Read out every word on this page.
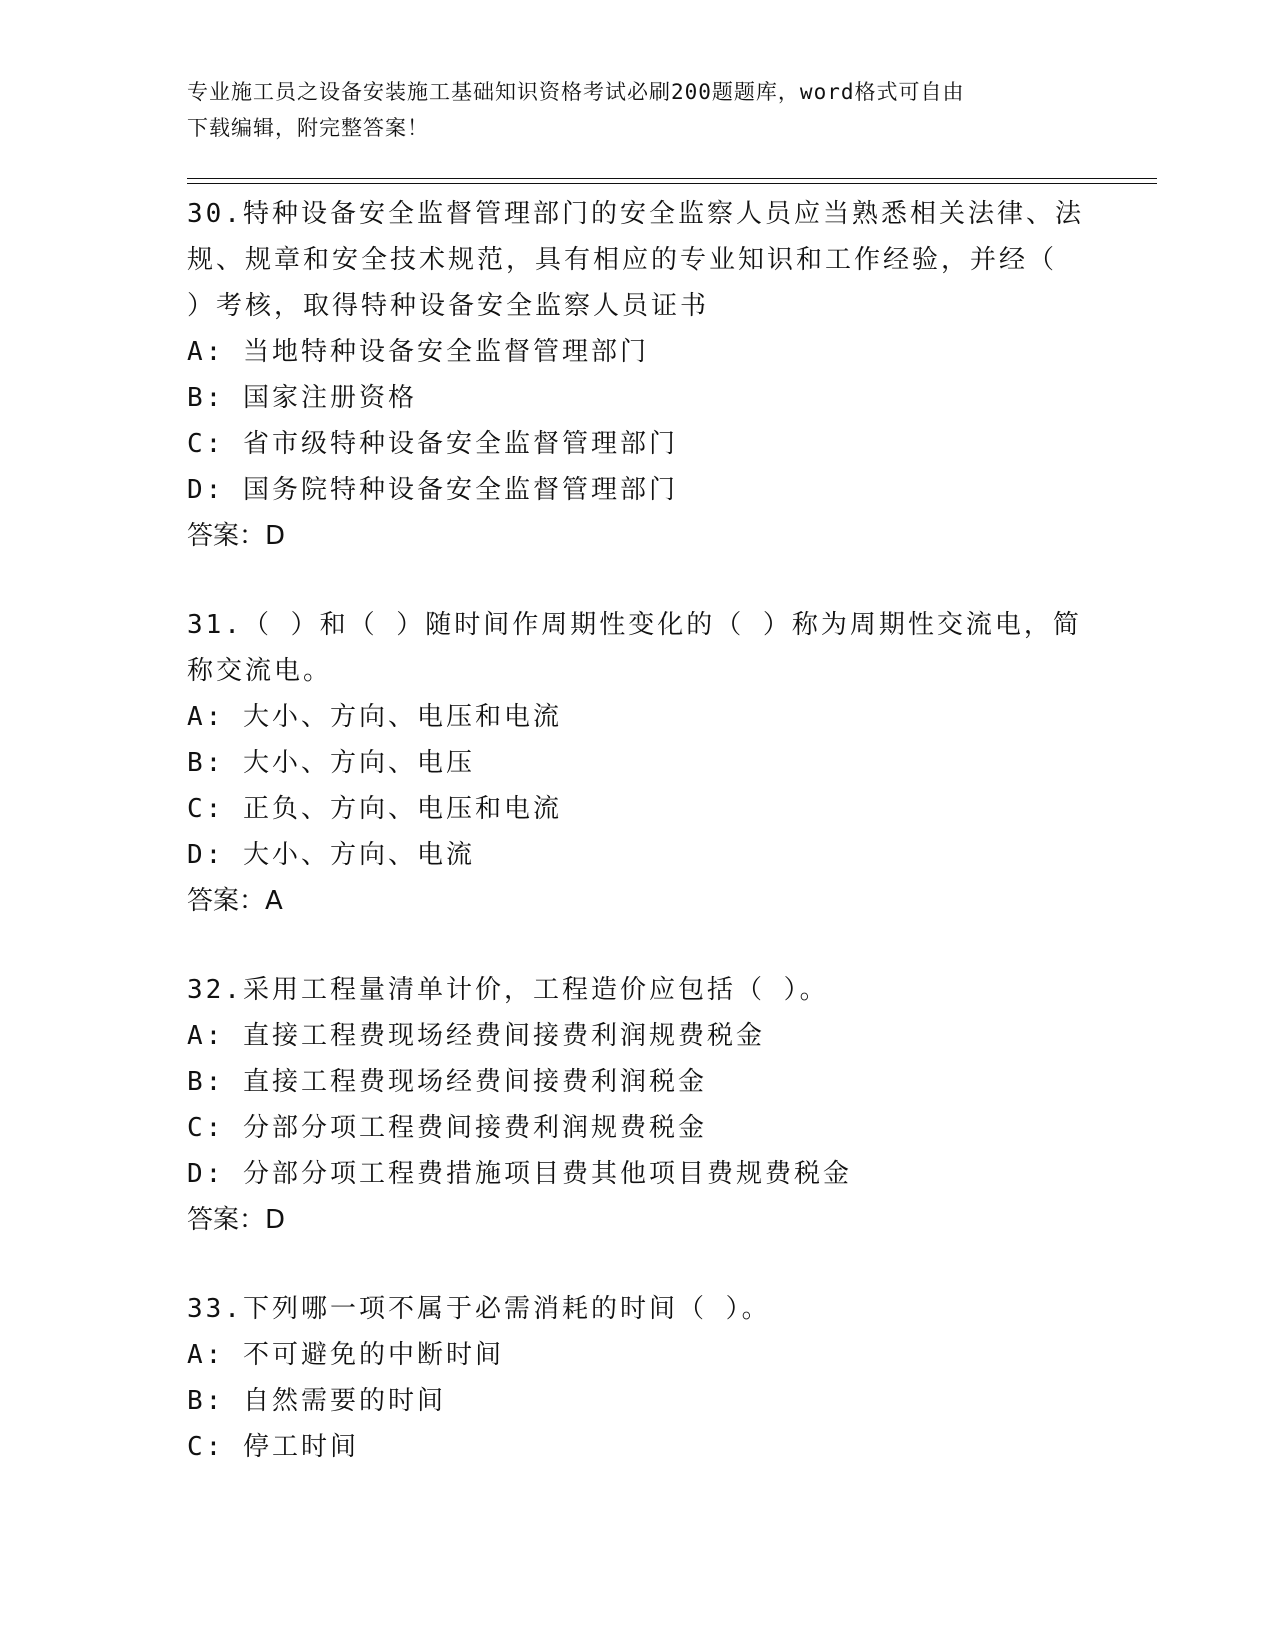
专业施工员之设备安装施工基础知识资格考试必刷200题题库，word格式可自由
下载编辑，附完整答案！

30.特种设备安全监督管理部门的安全监察人员应当熟悉相关法律、法

规、规章和安全技术规范，具有相应的专业知识和工作经验，并经（

）考核，取得特种设备安全监察人员证书

A: 当地特种设备安全监督管理部门

B: 国家注册资格

C: 省市级特种设备安全监督管理部门

D: 国务院特种设备安全监督管理部门

答案：D

31.（ ）和（ ）随时间作周期性变化的（ ）称为周期性交流电，简

称交流电。

A: 大小、方向、电压和电流

B: 大小、方向、电压

C: 正负、方向、电压和电流

D: 大小、方向、电流

答案：A

32.采用工程量清单计价，工程造价应包括（ ）。

A: 直接工程费现场经费间接费利润规费税金

B: 直接工程费现场经费间接费利润税金

C: 分部分项工程费间接费利润规费税金

D: 分部分项工程费措施项目费其他项目费规费税金

答案：D

33.下列哪一项不属于必需消耗的时间（ ）。

A: 不可避免的中断时间

B: 自然需要的时间

C: 停工时间
